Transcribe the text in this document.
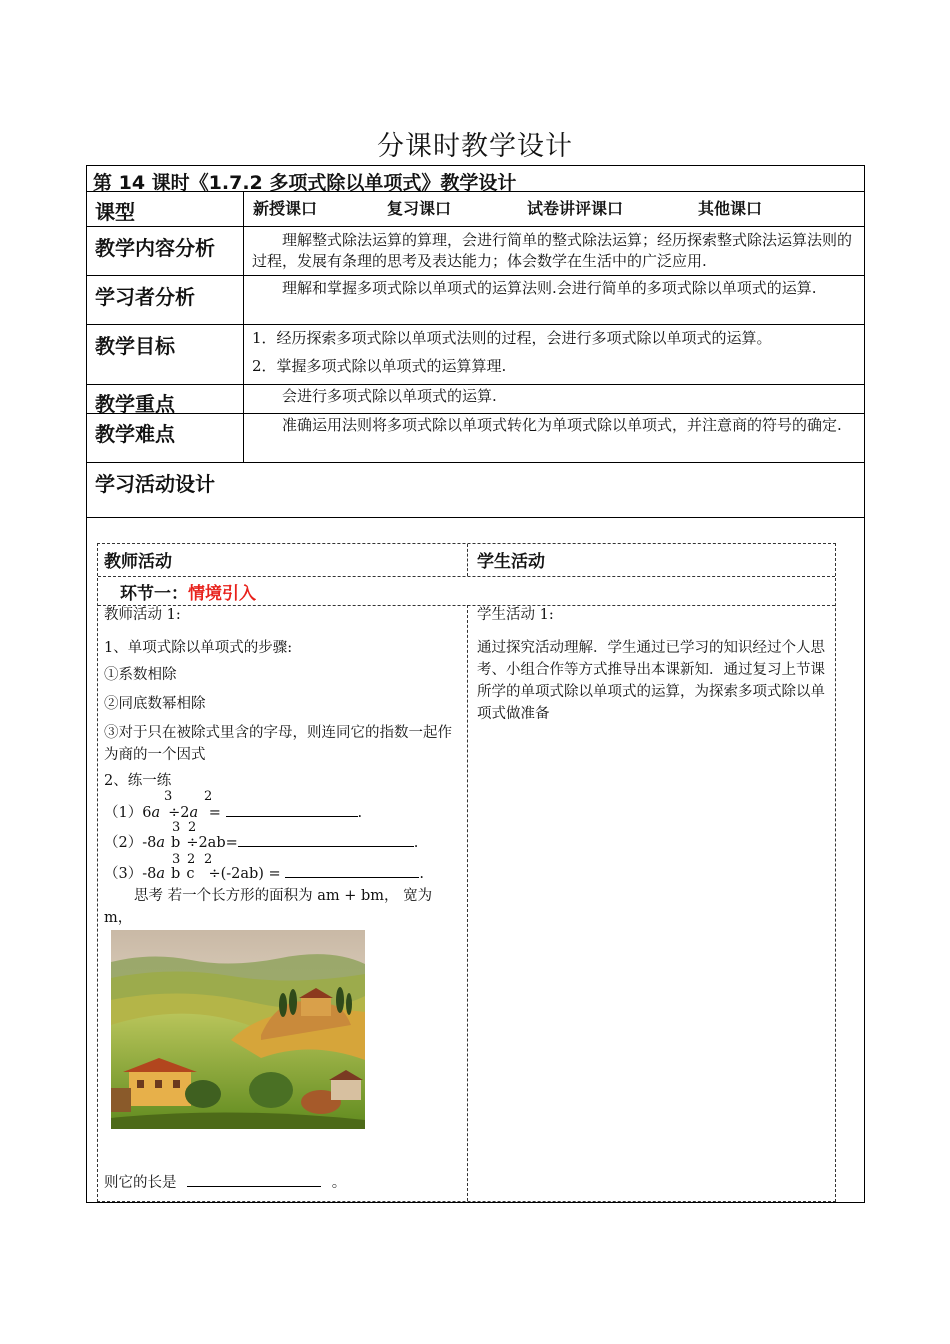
分课时教学设计
第 14 课时《1.7.2 多项式除以单项式》教学设计
课型	新授课口	复习课口	试卷讲评课口	其他课口
教学内容分析	理解整式除法运算的算理，会进行简单的整式除法运算；经历探索整式除法运算法则的过程，发展有条理的思考及表达能力；体会数学在生活中的广泛应用.
学习者分析	理解和掌握多项式除以单项式的运算法则.会进行简单的多项式除以单项式的运算.
教学目标	1．经历探索多项式除以单项式法则的过程，会进行多项式除以单项式的运算。
2．掌握多项式除以单项式的运算算理.
教学重点	会进行多项式除以单项式的运算.
教学难点	准确运用法则将多项式除以单项式转化为单项式除以单项式，并注意商的符号的确定.
学习活动设计
教师活动	学生活动
环节一：情境引入
教师活动 1:
1、单项式除以单项式的步骤:
①系数相除
②同底数幂相除
③对于只在被除式里含的字母，则连同它的指数一起作为商的一个因式
2、练一练
（1）6a ÷2a =	.
3 2
（2）-8a b ÷2ab=	.
3 2
（3）-8a b c ÷(-2ab) =	.
3 2 2
思考 若一个长方形的面积为 am + bm， 宽为m，
则它的长是	。
学生活动 1:
通过探究活动理解．学生通过已学习的知识经过个人思考、小组合作等方式推导出本课新知．通过复习上节课所学的单项式除以单项式的运算，为探索多项式除以单项式做准备
